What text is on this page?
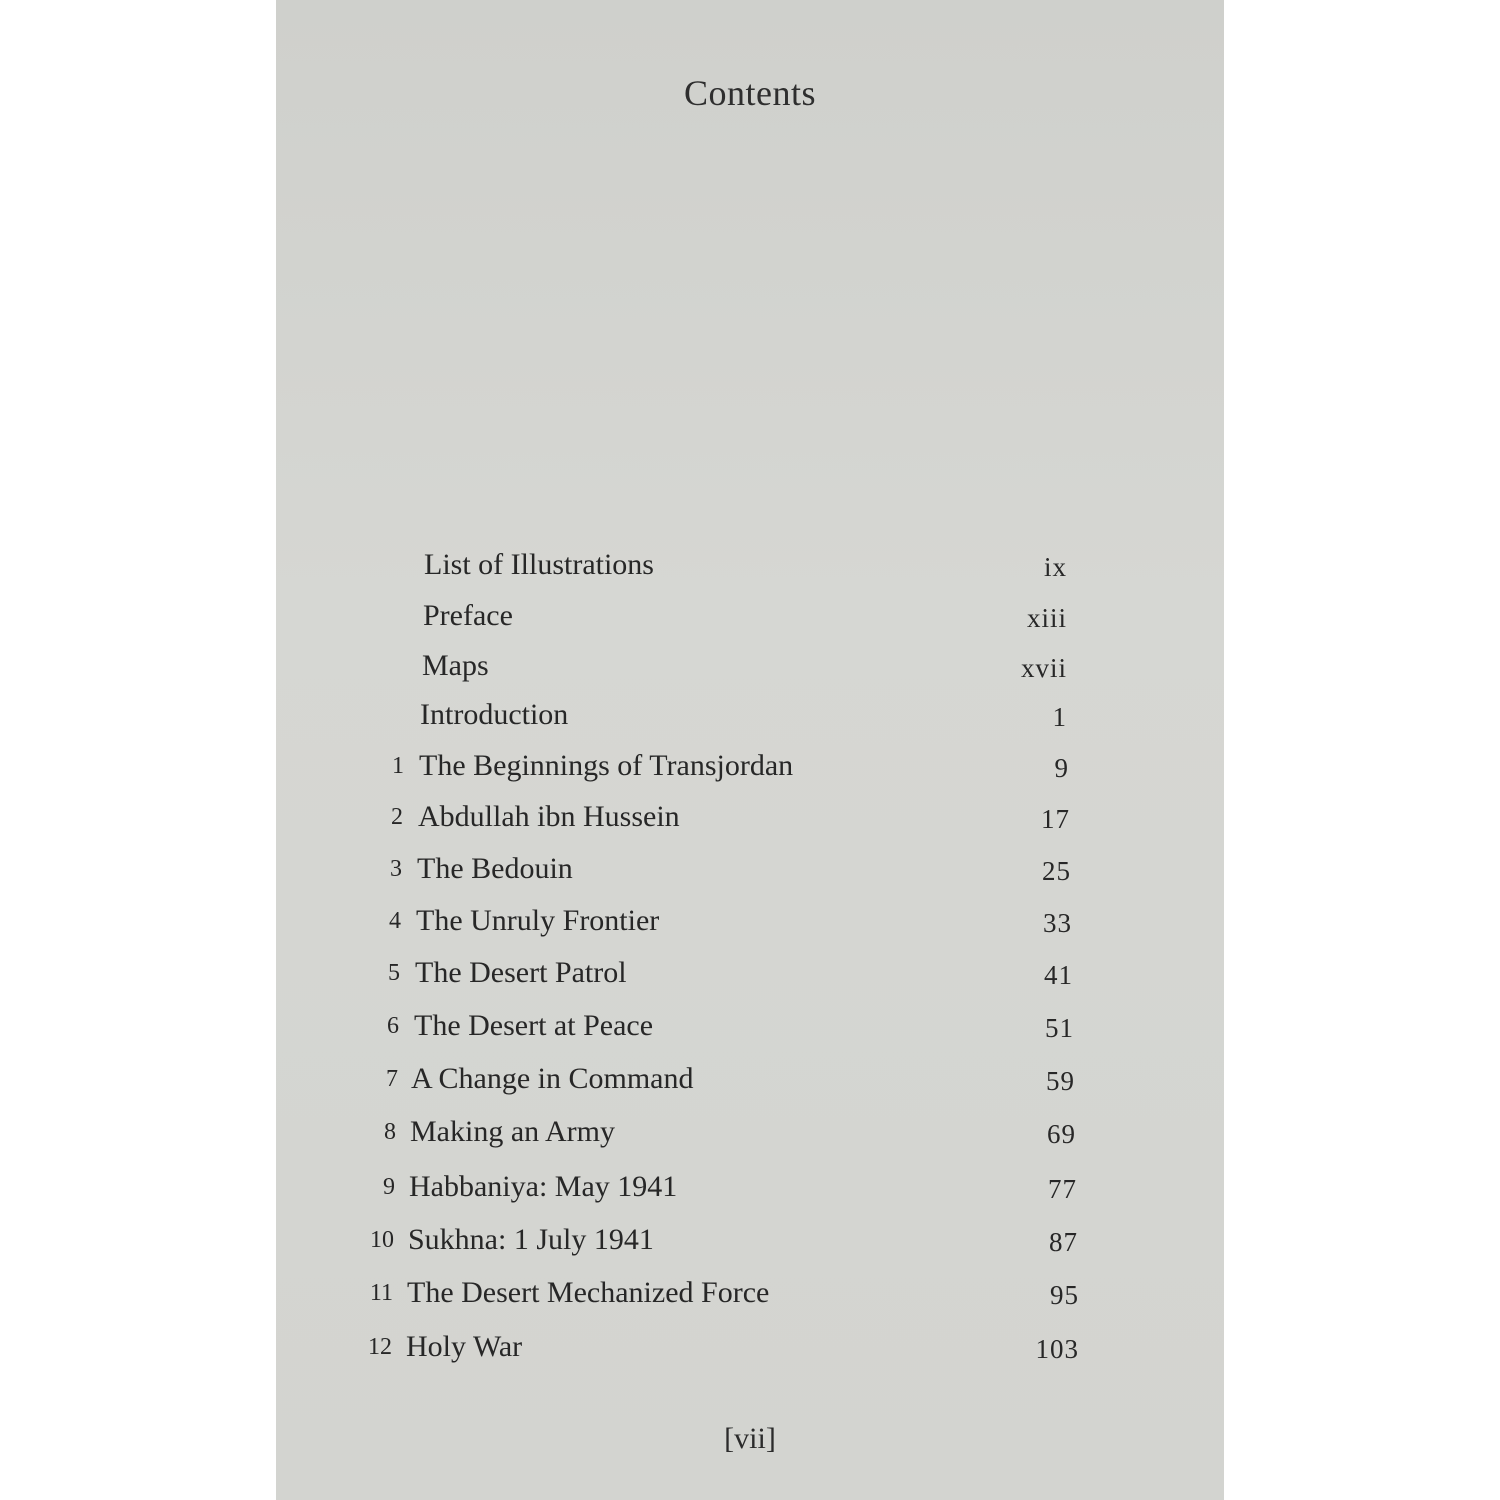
Contents
List of Illustrations	ix
Preface	xiii
Maps	xvii
Introduction	1
1 The Beginnings of Transjordan	9
2 Abdullah ibn Hussein	17
3 The Bedouin	25
4 The Unruly Frontier	33
5 The Desert Patrol	41
6 The Desert at Peace	51
7 A Change in Command	59
8 Making an Army	69
9 Habbaniya: May 1941	77
10 Sukhna: 1 July 1941	87
11 The Desert Mechanized Force	95
12 Holy War	103
[vii]
